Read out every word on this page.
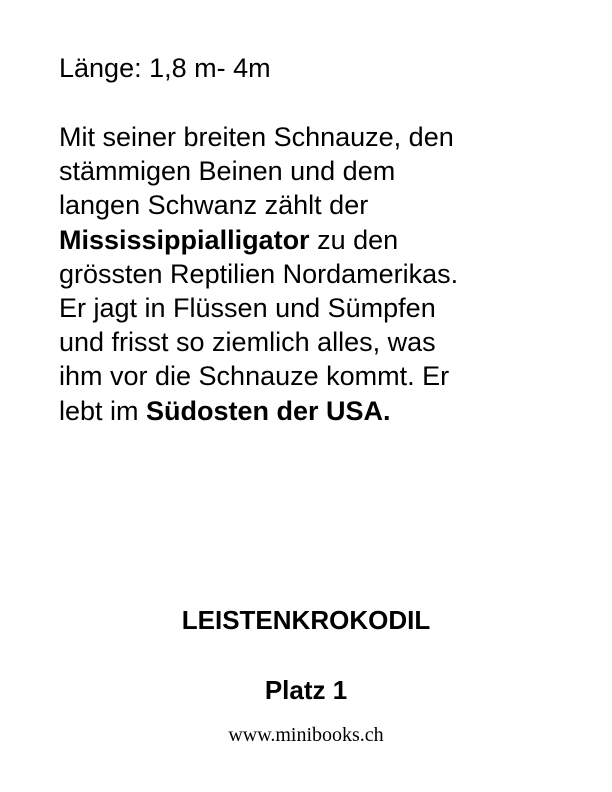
Länge: 1,8 m- 4m

Mit seiner breiten Schnauze, den
stämmigen Beinen und dem
langen Schwanz zählt der
Mississippialligator zu den
grössten Reptilien Nordamerikas.
Er jagt in Flüssen und Sümpfen
und frisst so ziemlich alles, was
ihm vor die Schnauze kommt. Er
lebt im Südosten der USA.

LEISTENKROKODIL

Platz 1

www.minibooks.ch
